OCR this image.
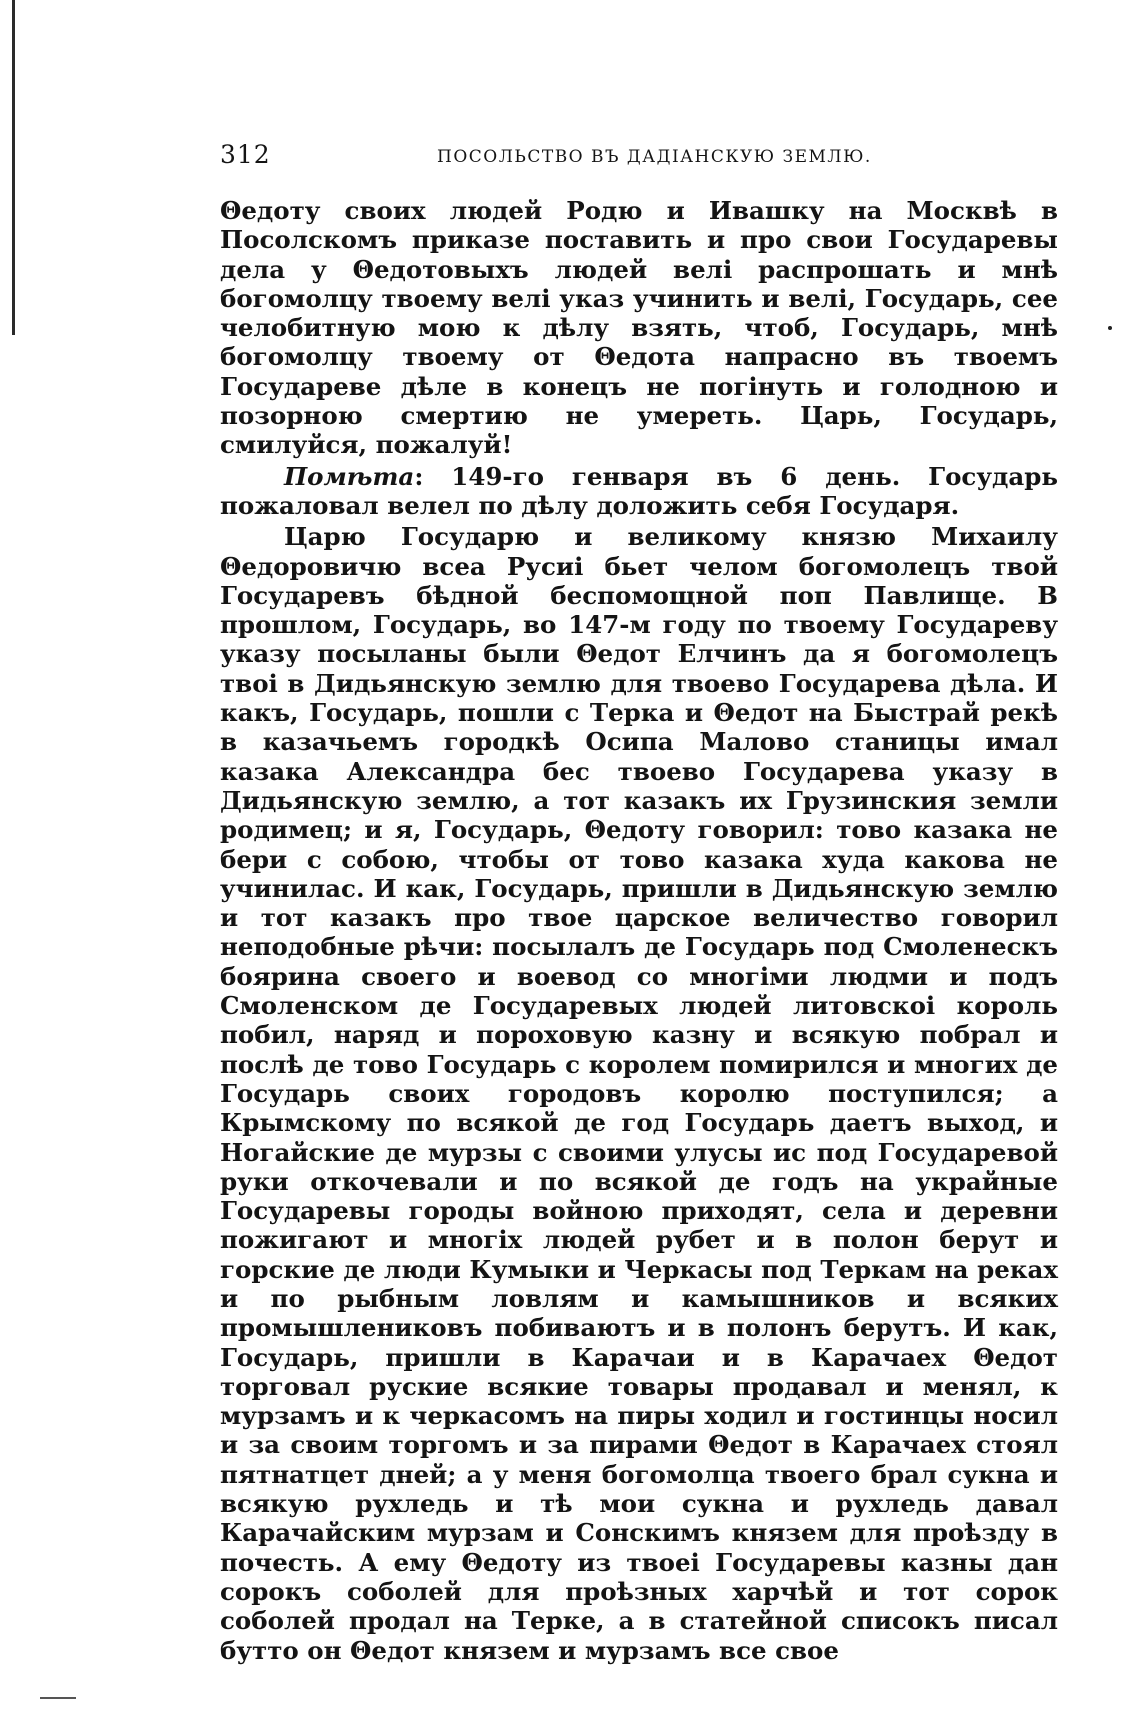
312	ПОСОЛЬСТВО ВЪ ДАДІАНСКУЮ ЗЕМЛЮ.

Θедоту своих людей Родю и Ивашку на Москвѣ в Посолскомъ приказе поставить и про свои Государевы дела у Θедотовыхъ людей велі распрошать и мнѣ богомолцу твоему велі указ учинить и велі, Государь, сее челобитную мою к дѣлу взять, чтоб, Государь, мнѣ богомолцу твоему от Θедота напрасно въ твоемъ Государеве дѣле в конецъ не погінуть и голодною и позорною смертию не умереть. Царь, Государь, смилуйся, пожалуй!

Помѣта: 149-го генваря въ 6 день. Государь пожаловал велел по дѣлу доложить себя Государя.

Царю Государю и великому князю Михаилу Θедоровичю всеа Русиі бьет челом богомолецъ твой Государевъ бѣдной беспомощной поп Павлище. В прошлом, Государь, во 147-м году по твоему Государеву указу посыланы были Θедот Елчинъ да я богомолецъ твоі в Дидьянскую землю для твоево Государева дѣла. И какъ, Государь, пошли с Терка и Θедот на Быстрай рекѣ в казачьемъ городкѣ Осипа Малово станицы имал казака Александра бес твоево Государева указу в Дидьянскую землю, а тот казакъ их Грузинския земли родимец; и я, Государь, Θедоту говорил: тово казака не бери с собою, чтобы от тово казака худа какова не учинилас. И как, Государь, пришли в Дидьянскую землю и тот казакъ про твое царское величество говорил неподобные рѣчи: посылалъ де Государь под Смоленескъ боярина своего и воевод со многіми людми и подъ Смоленском де Государевых людей литовскоі король побил, наряд и пороховую казну и всякую побрал и послѣ де тово Государь с королем помирился и многих де Государь своих городовъ королю поступился; а Крымскому по всякой де год Государь даетъ выход, и Ногайские де мурзы с своими улусы ис под Государевой руки откочевали и по всякой де годъ на украйные Государевы городы войною приходят, села и деревни пожигают и многіх людей рубет и в полон берут и горские де люди Кумыки и Черкасы под Теркам на реках и по рыбным ловлям и камышников и всяких промышлениковъ побиваютъ и в полонъ берутъ. И как, Государь, пришли в Карачаи и в Карачаех Θедот торговал руские всякие товары продавал и менял, к мурзамъ и к черкасомъ на пиры ходил и гостинцы носил и за своим торгомъ и за пирами Θедот в Карачаех стоял пятнатцет дней; а у меня богомолца твоего брал сукна и всякую рухледь и тѣ мои сукна и рухледь давал Карачайским мурзам и Сонскимъ князем для проѣзду в почесть. А ему Θедоту из твоеі Государевы казны дан сорокъ соболей для проѣзных харчѣй и тот сорок соболей продал на Терке, а в статейной списокъ писал бутто он Θедот князем и мурзамъ все свое
